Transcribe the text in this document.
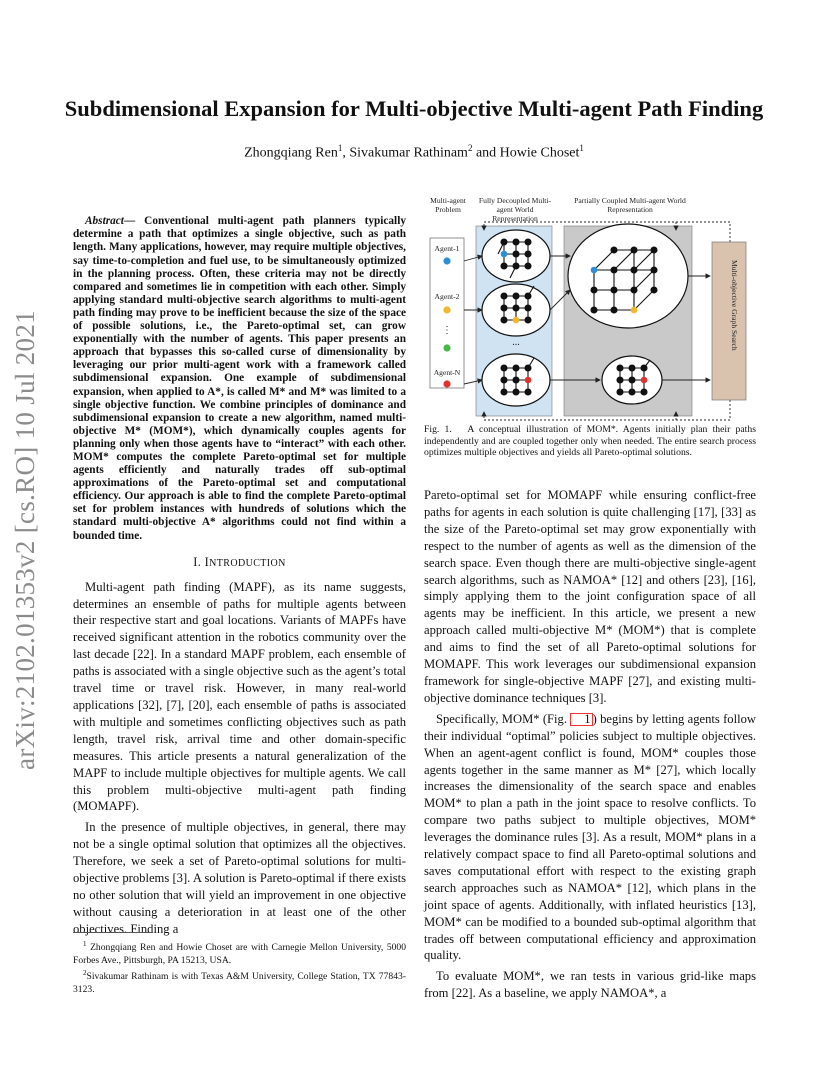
arXiv:2102.01353v2 [cs.RO] 10 Jul 2021
Subdimensional Expansion for Multi-objective Multi-agent Path Finding
Zhongqiang Ren$^1$, Sivakumar Rathinam$^2$ and Howie Choset$^1$

Abstract— Conventional multi-agent path planners typically determine a path that optimizes a single objective, such as path length. Many applications, however, may require multiple objectives, say time-to-completion and fuel use, to be simultaneously optimized in the planning process. Often, these criteria may not be directly compared and sometimes lie in competition with each other. Simply applying standard multi-objective search algorithms to multi-agent path finding may prove to be inefficient because the size of the space of possible solutions, i.e., the Pareto-optimal set, can grow exponentially with the number of agents. This paper presents an approach that bypasses this so-called curse of dimensionality by leveraging our prior multi-agent work with a framework called subdimensional expansion. One example of subdimensional expansion, when applied to A*, is called M* and M* was limited to a single objective function. We combine principles of dominance and subdimensional expansion to create a new algorithm, named multi-objective M* (MOM*), which dynamically couples agents for planning only when those agents have to “interact” with each other. MOM* computes the complete Pareto-optimal set for multiple agents efficiently and naturally trades off sub-optimal approximations of the Pareto-optimal set and computational efficiency. Our approach is able to find the complete Pareto-optimal set for problem instances with hundreds of solutions which the standard multi-objective A* algorithms could not find within a bounded time.

I. INTRODUCTION

Multi-agent path finding (MAPF), as its name suggests, determines an ensemble of paths for multiple agents between their respective start and goal locations. Variants of MAPFs have received significant attention in the robotics community over the last decade [22]. In a standard MAPF problem, each ensemble of paths is associated with a single objective such as the agent’s total travel time or travel risk. However, in many real-world applications [32], [7], [20], each ensemble of paths is associated with multiple and sometimes conflicting objectives such as path length, travel risk, arrival time and other domain-specific measures. This article presents a natural generalization of the MAPF to include multiple objectives for multiple agents. We call this problem multi-objective multi-agent path finding (MOMAPF).

In the presence of multiple objectives, in general, there may not be a single optimal solution that optimizes all the objectives. Therefore, we seek a set of Pareto-optimal solutions for multi-objective problems [3]. A solution is Pareto-optimal if there exists no other solution that will yield an improvement in one objective without causing a deterioration in at least one of the other objectives. Finding a

$^1$ Zhongqiang Ren and Howie Choset are with Carnegie Mellon University, 5000 Forbes Ave., Pittsburgh, PA 15213, USA.

$^2$Sivakumar Rathinam is with Texas A&M University, College Station, TX 77843-3123.

Multi-agent Problem
Fully Decoupled Multi-agent World Representation
Partially Coupled Multi-agent World Representation
Agent-1
Agent-2
⋮
Agent-N
...	Multi-objective Graph Search
Fig. 1. A conceptual illustration of MOM*. Agents initially plan their paths independently and are coupled together only when needed. The entire search process optimizes multiple objectives and yields all Pareto-optimal solutions.

Pareto-optimal set for MOMAPF while ensuring conflict-free paths for agents in each solution is quite challenging [17], [33] as the size of the Pareto-optimal set may grow exponentially with respect to the number of agents as well as the dimension of the search space. Even though there are multi-objective single-agent search algorithms, such as NAMOA* [12] and others [23], [16], simply applying them to the joint configuration space of all agents may be inefficient. In this article, we present a new approach called multi-objective M* (MOM*) that is complete and aims to find the set of all Pareto-optimal solutions for MOMAPF. This work leverages our subdimensional expansion framework for single-objective MAPF [27], and existing multi-objective dominance techniques [3].

Specifically, MOM* (Fig. 1 ) begins by letting agents follow their individual “optimal” policies subject to multiple objectives. When an agent-agent conflict is found, MOM* couples those agents together in the same manner as M* [27], which locally increases the dimensionality of the search space and enables MOM* to plan a path in the joint space to resolve conflicts. To compare two paths subject to multiple objectives, MOM* leverages the dominance rules [3]. As a result, MOM* plans in a relatively compact space to find all Pareto-optimal solutions and saves computational effort with respect to the existing graph search approaches such as NAMOA* [12], which plans in the joint space of agents. Additionally, with inflated heuristics [13], MOM* can be modified to a bounded sub-optimal algorithm that trades off between computational efficiency and approximation quality.

To evaluate MOM*, we ran tests in various grid-like maps from [22]. As a baseline, we apply NAMOA*, a
